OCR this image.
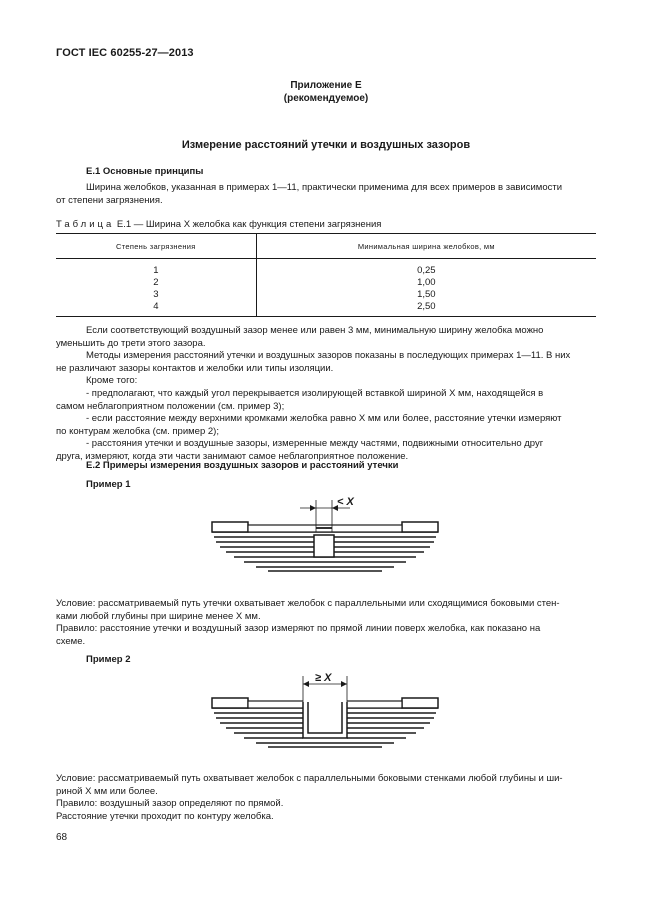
ГОСТ IEC 60255-27—2013
Приложение Е
(рекомендуемое)
Измерение расстояний утечки и воздушных зазоров
Е.1 Основные принципы
Ширина желобков, указанная в примерах 1—11, практически применима для всех примеров в зависимости
от степени загрязнения.
Таблица Е.1 — Ширина X желобка как функция степени загрязнения
Степень загрязнения	Минимальная ширина желобков, мм
1	0,25
2	1,00
3	1,50
4	2,50
Если соответствующий воздушный зазор менее или равен 3 мм, минимальную ширину желобка можно
уменьшить до трети этого зазора.
Методы измерения расстояний утечки и воздушных зазоров показаны в последующих примерах 1—11. В них
не различают зазоры контактов и желобки или типы изоляции.
Кроме того:
- предполагают, что каждый угол перекрывается изолирующей вставкой шириной X мм, находящейся в
самом неблагоприятном положении (см. пример 3);
- если расстояние между верхними кромками желобка равно X мм или более, расстояние утечки измеряют
по контурам желобка (см. пример 2);
- расстояния утечки и воздушные зазоры, измеренные между частями, подвижными относительно друг
друга, измеряют, когда эти части занимают самое неблагоприятное положение.
Е.2 Примеры измерения воздушных зазоров и расстояний утечки
Пример 1
< X
Условие: рассматриваемый путь утечки охватывает желобок с параллельными или сходящимися боковыми стен-
ками любой глубины при ширине менее X мм.
Правило: расстояние утечки и воздушный зазор измеряют по прямой линии поверх желобка, как показано на
схеме.
Пример 2
≥ X
Условие: рассматриваемый путь охватывает желобок с параллельными боковыми стенками любой глубины и ши-
риной X мм или более.
Правило: воздушный зазор определяют по прямой.
Расстояние утечки проходит по контуру желобка.
68
